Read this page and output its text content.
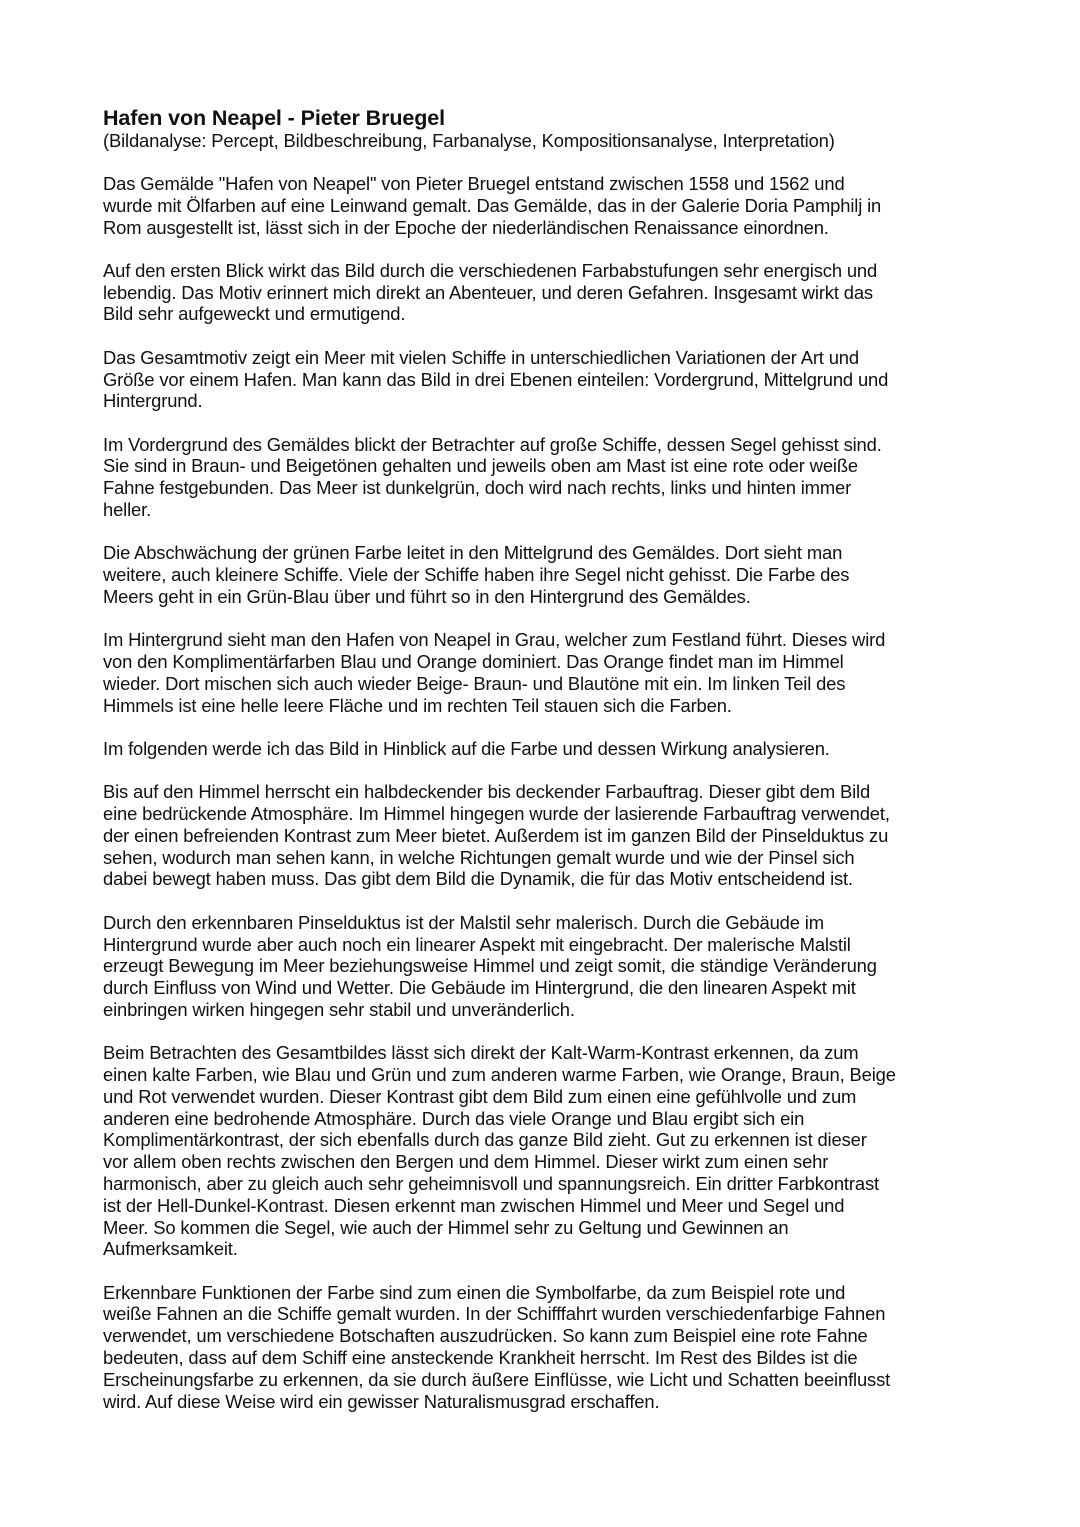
Hafen von Neapel - Pieter Bruegel

(Bildanalyse: Percept, Bildbeschreibung, Farbanalyse, Kompositionsanalyse, Interpretation)

Das Gemälde "Hafen von Neapel" von Pieter Bruegel entstand zwischen 1558 und 1562 und
wurde mit Ölfarben auf eine Leinwand gemalt. Das Gemälde, das in der Galerie Doria Pamphilj in
Rom ausgestellt ist, lässt sich in der Epoche der niederländischen Renaissance einordnen.

Auf den ersten Blick wirkt das Bild durch die verschiedenen Farbabstufungen sehr energisch und
lebendig. Das Motiv erinnert mich direkt an Abenteuer, und deren Gefahren. Insgesamt wirkt das
Bild sehr aufgeweckt und ermutigend.

Das Gesamtmotiv zeigt ein Meer mit vielen Schiffe in unterschiedlichen Variationen der Art und
Größe vor einem Hafen. Man kann das Bild in drei Ebenen einteilen: Vordergrund, Mittelgrund und
Hintergrund.

Im Vordergrund des Gemäldes blickt der Betrachter auf große Schiffe, dessen Segel gehisst sind.
Sie sind in Braun- und Beigetönen gehalten und jeweils oben am Mast ist eine rote oder weiße
Fahne festgebunden. Das Meer ist dunkelgrün, doch wird nach rechts, links und hinten immer
heller.

Die Abschwächung der grünen Farbe leitet in den Mittelgrund des Gemäldes. Dort sieht man
weitere, auch kleinere Schiffe. Viele der Schiffe haben ihre Segel nicht gehisst. Die Farbe des
Meers geht in ein Grün-Blau über und führt so in den Hintergrund des Gemäldes.

Im Hintergrund sieht man den Hafen von Neapel in Grau, welcher zum Festland führt. Dieses wird
von den Komplimentärfarben Blau und Orange dominiert. Das Orange findet man im Himmel
wieder. Dort mischen sich auch wieder Beige- Braun- und Blautöne mit ein. Im linken Teil des
Himmels ist eine helle leere Fläche und im rechten Teil stauen sich die Farben.

Im folgenden werde ich das Bild in Hinblick auf die Farbe und dessen Wirkung analysieren.

Bis auf den Himmel herrscht ein halbdeckender bis deckender Farbauftrag. Dieser gibt dem Bild
eine bedrückende Atmosphäre. Im Himmel hingegen wurde der lasierende Farbauftrag verwendet,
der einen befreienden Kontrast zum Meer bietet. Außerdem ist im ganzen Bild der Pinselduktus zu
sehen, wodurch man sehen kann, in welche Richtungen gemalt wurde und wie der Pinsel sich
dabei bewegt haben muss. Das gibt dem Bild die Dynamik, die für das Motiv entscheidend ist.

Durch den erkennbaren Pinselduktus ist der Malstil sehr malerisch. Durch die Gebäude im
Hintergrund wurde aber auch noch ein linearer Aspekt mit eingebracht. Der malerische Malstil
erzeugt Bewegung im Meer beziehungsweise Himmel und zeigt somit, die ständige Veränderung
durch Einfluss von Wind und Wetter. Die Gebäude im Hintergrund, die den linearen Aspekt mit
einbringen wirken hingegen sehr stabil und unveränderlich.

Beim Betrachten des Gesamtbildes lässt sich direkt der Kalt-Warm-Kontrast erkennen, da zum
einen kalte Farben, wie Blau und Grün und zum anderen warme Farben, wie Orange, Braun, Beige
und Rot verwendet wurden. Dieser Kontrast gibt dem Bild zum einen eine gefühlvolle und zum
anderen eine bedrohende Atmosphäre. Durch das viele Orange und Blau ergibt sich ein
Komplimentärkontrast, der sich ebenfalls durch das ganze Bild zieht. Gut zu erkennen ist dieser
vor allem oben rechts zwischen den Bergen und dem Himmel. Dieser wirkt zum einen sehr
harmonisch, aber zu gleich auch sehr geheimnisvoll und spannungsreich. Ein dritter Farbkontrast
ist der Hell-Dunkel-Kontrast. Diesen erkennt man zwischen Himmel und Meer und Segel und
Meer. So kommen die Segel, wie auch der Himmel sehr zu Geltung und Gewinnen an
Aufmerksamkeit.

Erkennbare Funktionen der Farbe sind zum einen die Symbolfarbe, da zum Beispiel rote und
weiße Fahnen an die Schiffe gemalt wurden. In der Schifffahrt wurden verschiedenfarbige Fahnen
verwendet, um verschiedene Botschaften auszudrücken. So kann zum Beispiel eine rote Fahne
bedeuten, dass auf dem Schiff eine ansteckende Krankheit herrscht. Im Rest des Bildes ist die
Erscheinungsfarbe zu erkennen, da sie durch äußere Einflüsse, wie Licht und Schatten beeinflusst
wird. Auf diese Weise wird ein gewisser Naturalismusgrad erschaffen.
